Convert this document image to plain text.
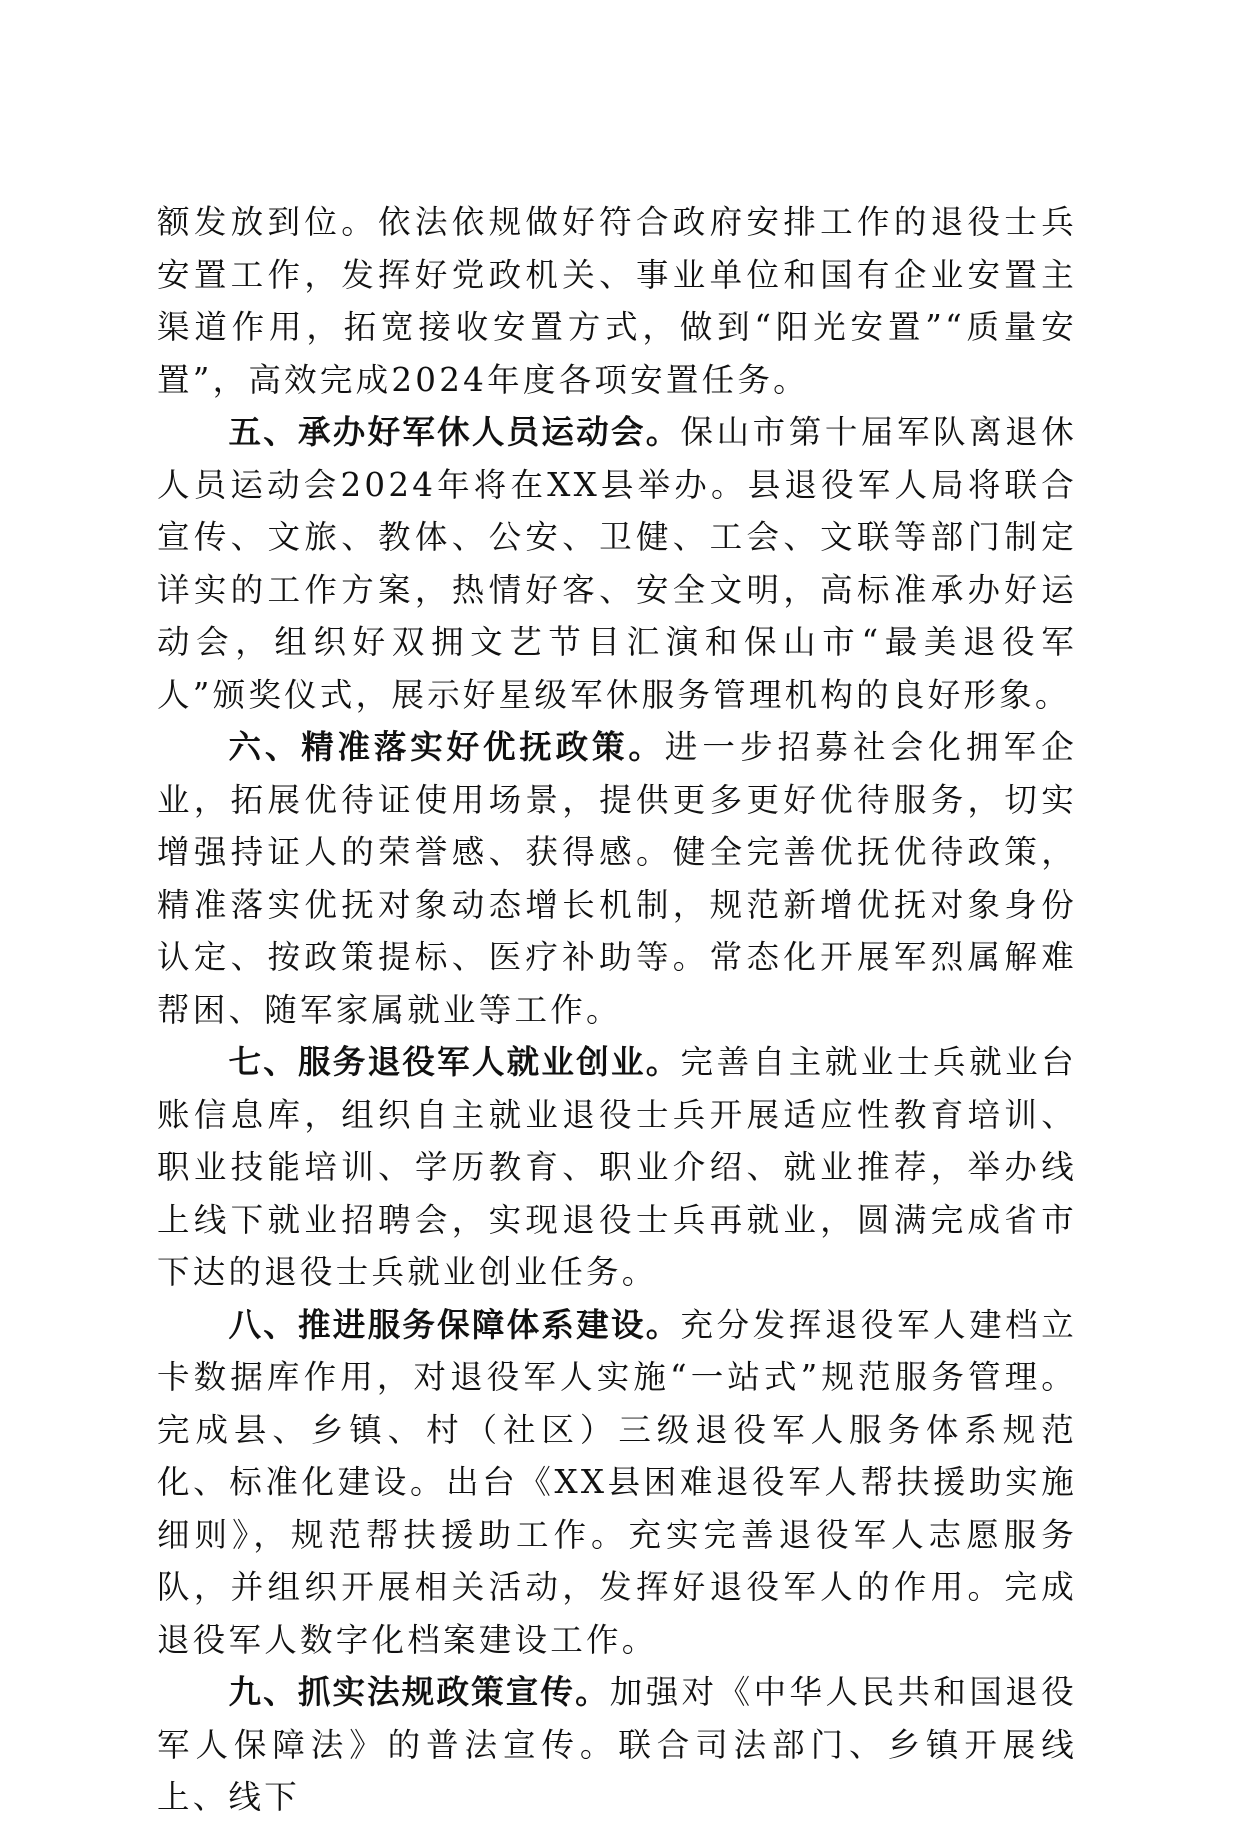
额发放到位。依法依规做好符合政府安排工作的退役士兵安置工作，发挥好党政机关、事业单位和国有企业安置主渠道作用，拓宽接收安置方式，做到“阳光安置”“质量安置”，高效完成2024年度各项安置任务。

五、承办好军休人员运动会。保山市第十届军队离退休人员运动会2024年将在XX县举办。县退役军人局将联合宣传、文旅、教体、公安、卫健、工会、文联等部门制定详实的工作方案，热情好客、安全文明，高标准承办好运动会，组织好双拥文艺节目汇演和保山市“最美退役军人”颁奖仪式，展示好星级军休服务管理机构的良好形象。

六、精准落实好优抚政策。进一步招募社会化拥军企业，拓展优待证使用场景，提供更多更好优待服务，切实增强持证人的荣誉感、获得感。健全完善优抚优待政策，精准落实优抚对象动态增长机制，规范新增优抚对象身份认定、按政策提标、医疗补助等。常态化开展军烈属解难帮困、随军家属就业等工作。

七、服务退役军人就业创业。完善自主就业士兵就业台账信息库，组织自主就业退役士兵开展适应性教育培训、职业技能培训、学历教育、职业介绍、就业推荐，举办线上线下就业招聘会，实现退役士兵再就业，圆满完成省市下达的退役士兵就业创业任务。

八、推进服务保障体系建设。充分发挥退役军人建档立卡数据库作用，对退役军人实施“一站式”规范服务管理。完成县、乡镇、村（社区）三级退役军人服务体系规范化、标准化建设。出台《XX县困难退役军人帮扶援助实施细则》，规范帮扶援助工作。充实完善退役军人志愿服务队，并组织开展相关活动，发挥好退役军人的作用。完成退役军人数字化档案建设工作。

九、抓实法规政策宣传。加强对《中华人民共和国退役军人保障法》的普法宣传。联合司法部门、乡镇开展线上、线下
